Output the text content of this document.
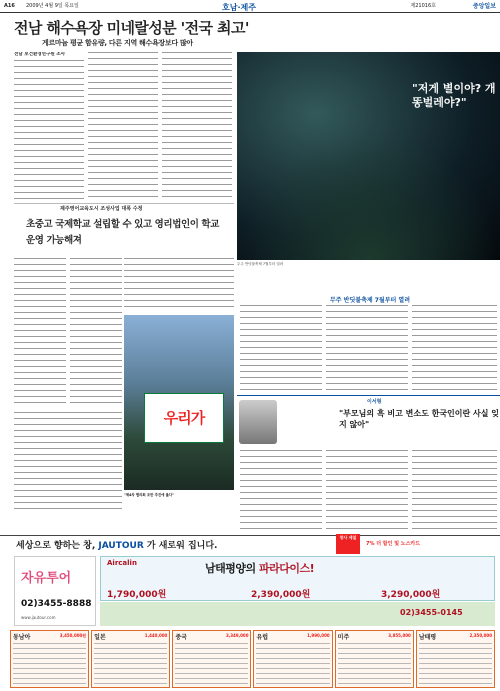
A16 2009년 4월 9일 목요일	호남·제주	제21016호	중앙일보
전남 해수욕장 미네랄성분 '전국 최고'
게르마늄 평균 함유량, 다른 지역 해수욕장보다 많아
전남 보건환경연구원 조사
제주영어교육도시 조성사업 대폭 수정
초중고 국제학교 설립할 수 있고 영리법인이 학교 운영 가능해져
"저게 별이야? 개똥벌레야?"
무주 반딧불축제 7월부터 열려
무주 반딧불축제 7월부터 열려
우리가
"제4차 협의회 조만 추진에 옳다"
이서형
"부모님의 흑 비고 변소도 한국인이란 사실 잊지 않아"
세상으로 향하는 창, JAUTOUR 가 새로워 집니다.
창사 세일
7% 더 할인 및 노스카드
자유투어
02)3455-8888
www.jautour.com
Aircalin	남태평양의 파라다이스!
1,790,000원	2,390,000원	3,290,000원
02)3455-0145
동남아	3,450,000원 일본	1,440,000 중국	3,349,000 유럽	1,990,000 미주	3,855,000 남태평	2,350,000
